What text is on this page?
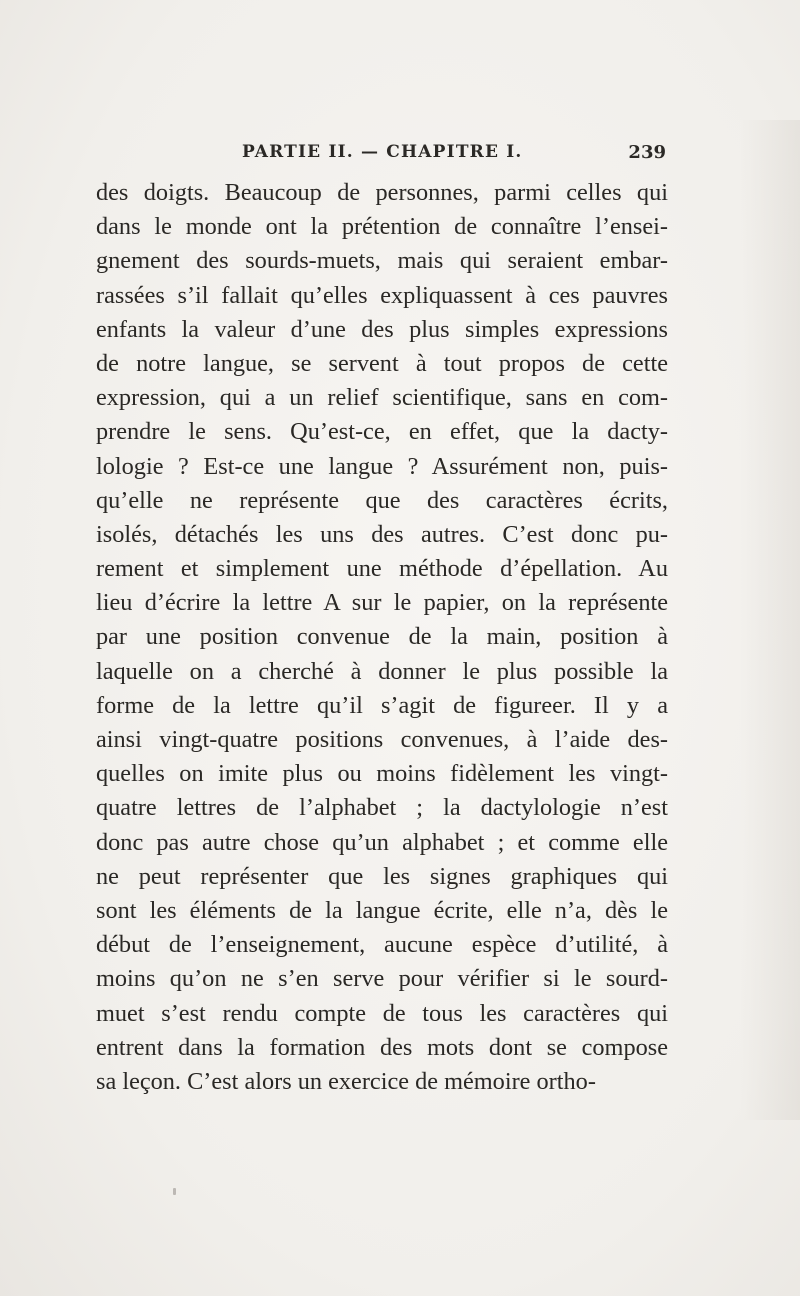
PARTIE II. — CHAPITRE I.	239
des doigts. Beaucoup de personnes, parmi celles qui
dans le monde ont la prétention de connaître l’ensei-
gnement des sourds-muets, mais qui seraient embar-
rassées s’il fallait qu’elles expliquassent à ces pauvres
enfants la valeur d’une des plus simples expressions
de notre langue, se servent à tout propos de cette
expression, qui a un relief scientifique, sans en com-
prendre le sens. Qu’est-ce, en effet, que la dacty-
lologie ? Est-ce une langue ? Assurément non, puis-
qu’elle ne représente que des caractères écrits,
isolés, détachés les uns des autres. C’est donc pu-
rement et simplement une méthode d’épellation. Au
lieu d’écrire la lettre A sur le papier, on la représente
par une position convenue de la main, position à
laquelle on a cherché à donner le plus possible la
forme de la lettre qu’il s’agit de figureer. Il y a
ainsi vingt-quatre positions convenues, à l’aide des-
quelles on imite plus ou moins fidèlement les vingt-
quatre lettres de l’alphabet ; la dactylologie n’est
donc pas autre chose qu’un alphabet ; et comme elle
ne peut représenter que les signes graphiques qui
sont les éléments de la langue écrite, elle n’a, dès le
début de l’enseignement, aucune espèce d’utilité, à
moins qu’on ne s’en serve pour vérifier si le sourd-
muet s’est rendu compte de tous les caractères qui
entrent dans la formation des mots dont se compose
sa leçon. C’est alors un exercice de mémoire ortho-
